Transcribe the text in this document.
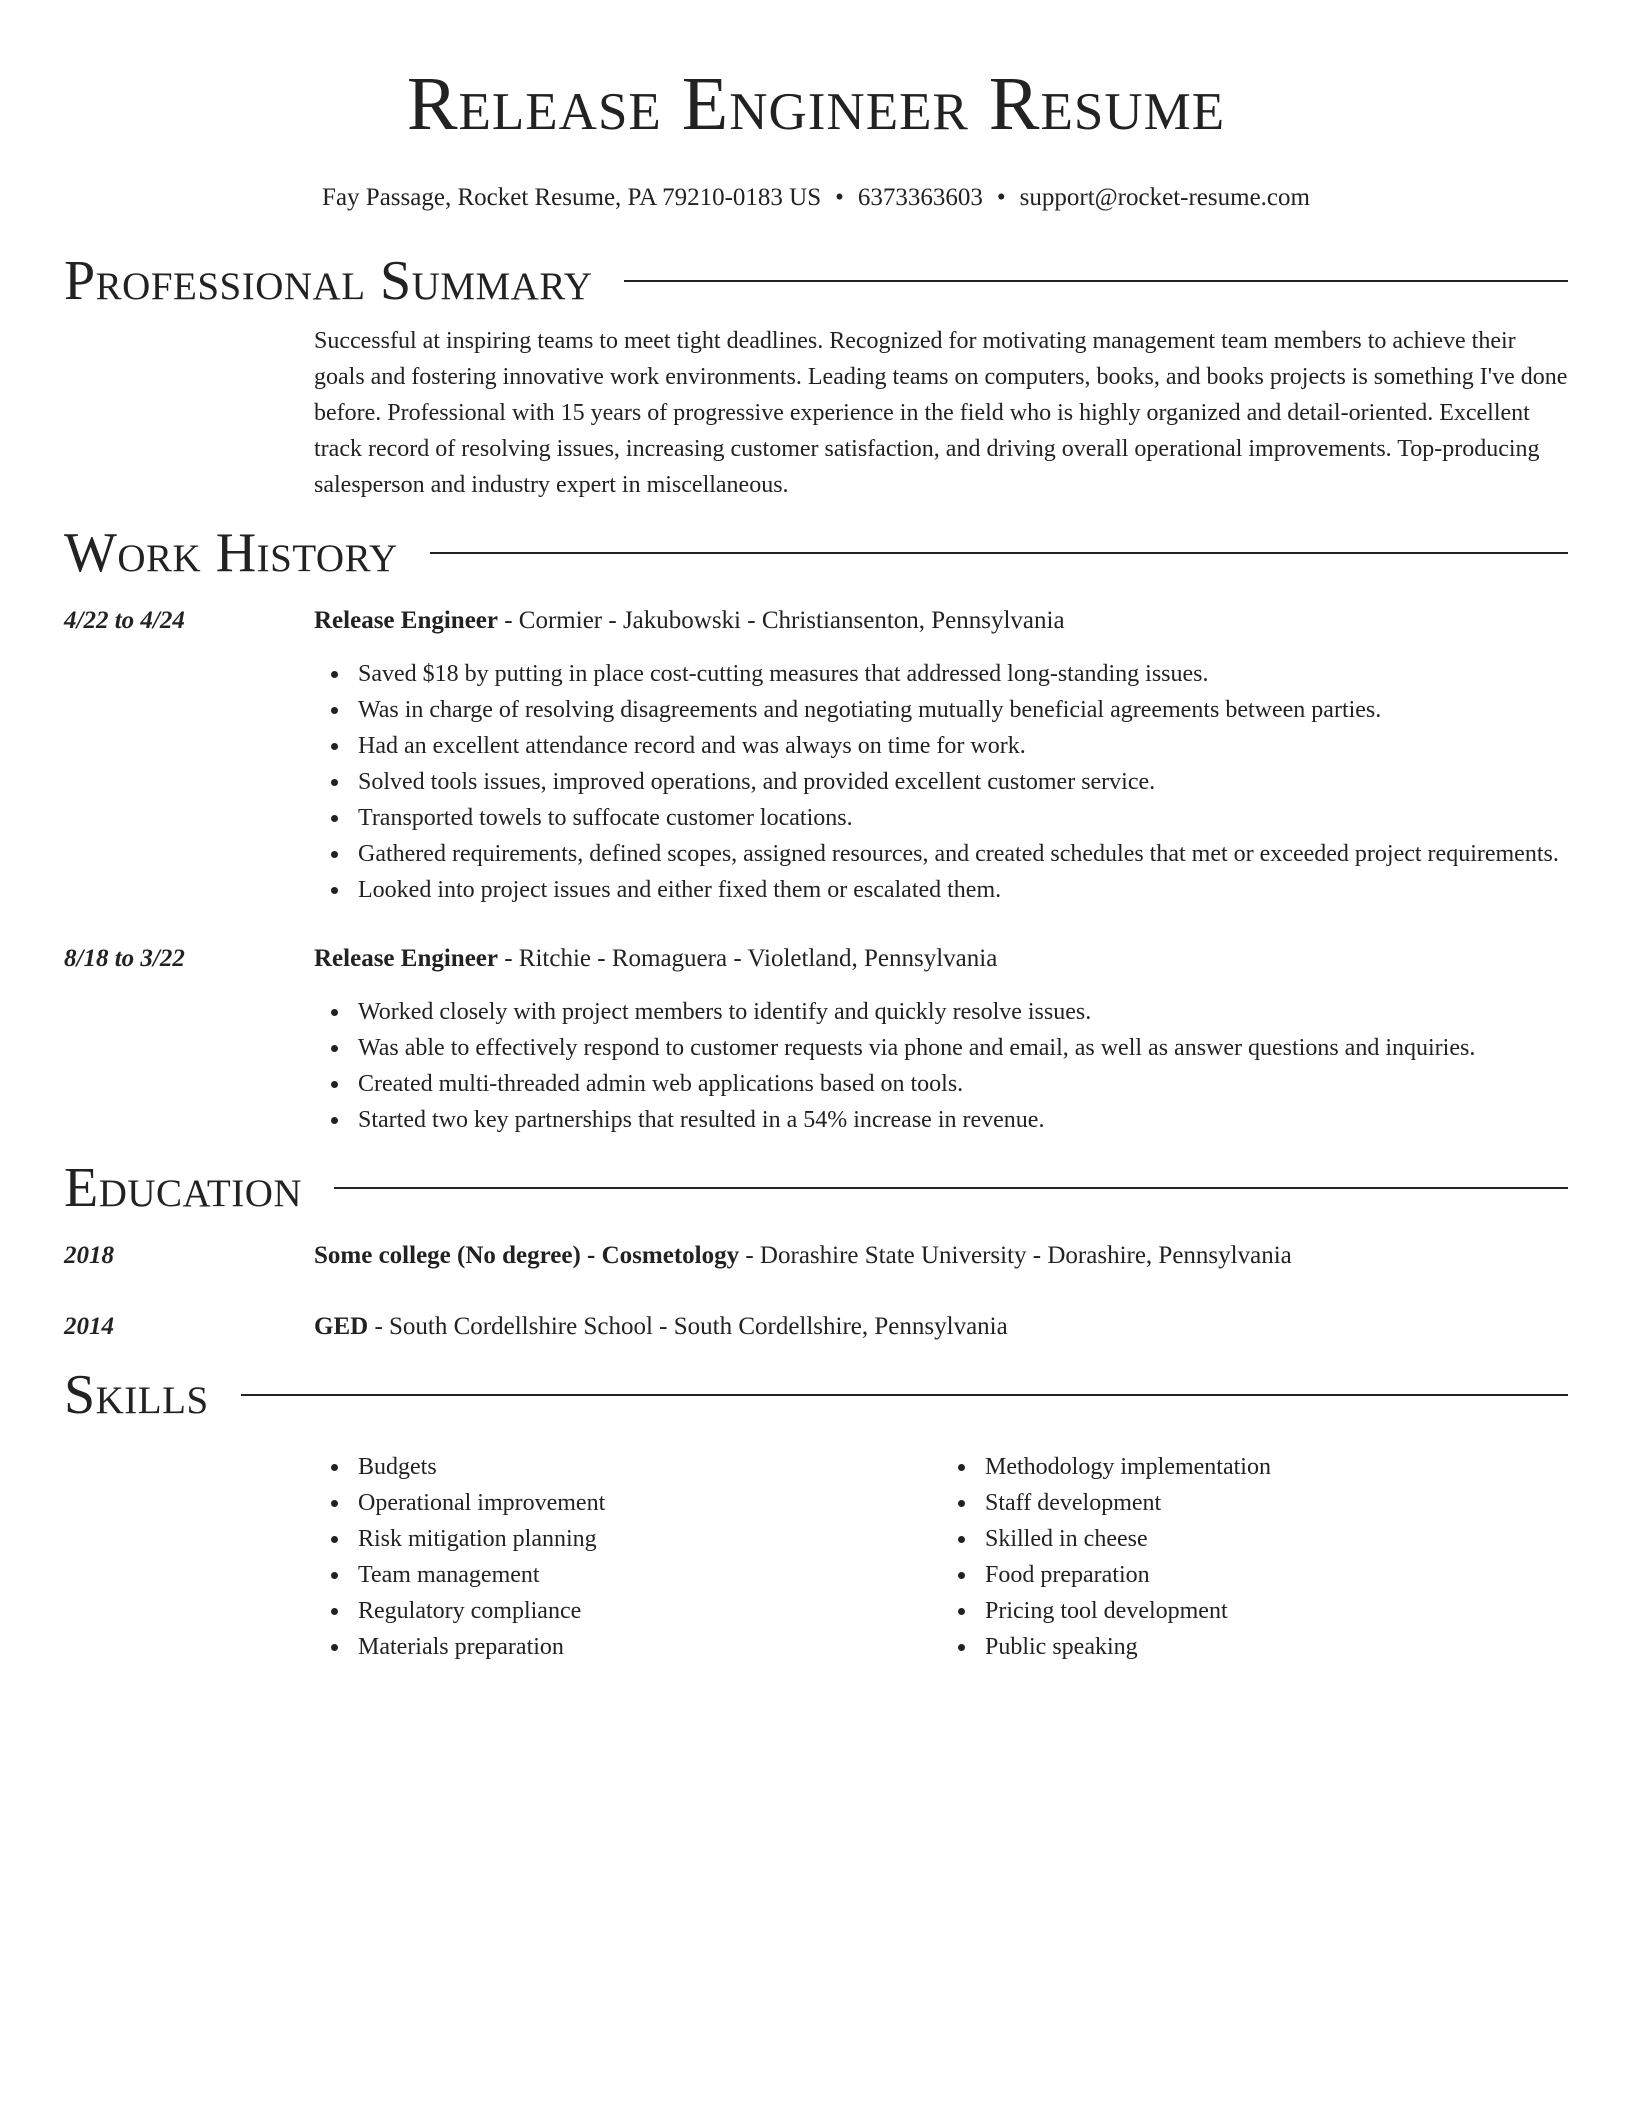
Release Engineer Resume
Fay Passage, Rocket Resume, PA 79210-0183 US • 6373363603 • support@rocket-resume.com
Professional Summary
Successful at inspiring teams to meet tight deadlines. Recognized for motivating management team members to achieve their goals and fostering innovative work environments. Leading teams on computers, books, and books projects is something I've done before. Professional with 15 years of progressive experience in the field who is highly organized and detail-oriented. Excellent track record of resolving issues, increasing customer satisfaction, and driving overall operational improvements. Top-producing salesperson and industry expert in miscellaneous.
Work History
4/22 to 4/24	Release Engineer - Cormier - Jakubowski - Christiansenton, Pennsylvania
Saved $18 by putting in place cost-cutting measures that addressed long-standing issues.
Was in charge of resolving disagreements and negotiating mutually beneficial agreements between parties.
Had an excellent attendance record and was always on time for work.
Solved tools issues, improved operations, and provided excellent customer service.
Transported towels to suffocate customer locations.
Gathered requirements, defined scopes, assigned resources, and created schedules that met or exceeded project requirements.
Looked into project issues and either fixed them or escalated them.
8/18 to 3/22	Release Engineer - Ritchie - Romaguera - Violetland, Pennsylvania
Worked closely with project members to identify and quickly resolve issues.
Was able to effectively respond to customer requests via phone and email, as well as answer questions and inquiries.
Created multi-threaded admin web applications based on tools.
Started two key partnerships that resulted in a 54% increase in revenue.
Education
2018	Some college (No degree) - Cosmetology - Dorashire State University - Dorashire, Pennsylvania
2014	GED - South Cordellshire School - South Cordellshire, Pennsylvania
Skills
Budgets
Operational improvement
Risk mitigation planning
Team management
Regulatory compliance
Materials preparation
Methodology implementation
Staff development
Skilled in cheese
Food preparation
Pricing tool development
Public speaking
